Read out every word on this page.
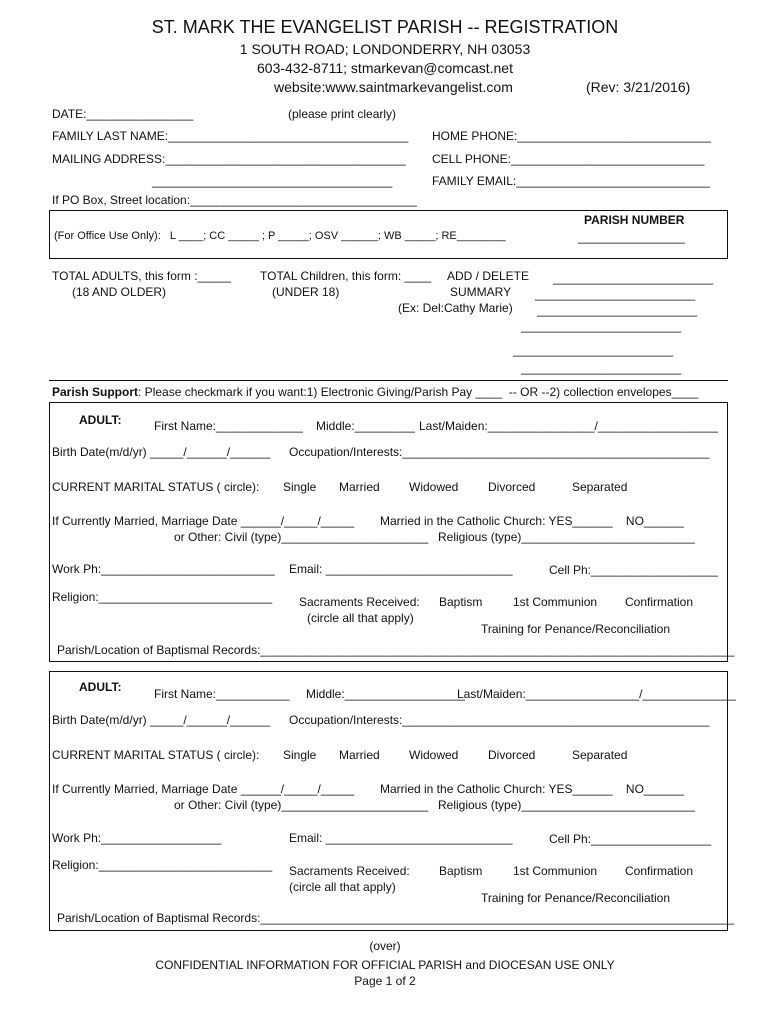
ST. MARK THE EVANGELIST PARISH -- REGISTRATION
1 SOUTH ROAD; LONDONDERRY, NH 03053
603-432-8711; stmarkevan@comcast.net
website:www.saintmarkevangelist.com	(Rev: 3/21/2016)
DATE:________________	(please print clearly)
FAMILY LAST NAME:____________________________________ HOME PHONE:_____________________________
MAILING ADDRESS:____________________________________ CELL PHONE:_____________________________
____________________________________	FAMILY EMAIL:_____________________________
If PO Box, Street location:__________________________________
(For Office Use Only):   L ____; CC _____ ; P _____; OSV ______; WB _____; RE________
PARISH NUMBER
________________
TOTAL ADULTS, this form :_____
(18 AND OLDER)
TOTAL Children, this form: ____
(UNDER 18)
ADD / DELETE
SUMMARY
(Ex: Del:Cathy Marie)
________________________
________________________
________________________
________________________
________________________
________________________
Parish Support: Please checkmark if you want:1) Electronic Giving/Parish Pay ____  -- OR --2) collection envelopes____
ADULT:	First Name:_____________ Middle:_________ Last/Maiden:________________/__________________
Birth Date(m/d/yr) _____/______/______ Occupation/Interests:______________________________________________
CURRENT MARITAL STATUS ( circle): Single Married Widowed Divorced	Separated
If Currently Married, Marriage Date ______/_____/_____ Married in the Catholic Church: YES______    NO______
or Other: Civil (type)______________________ Religious (type)__________________________
Work Ph:__________________________ Email: ____________________________	Cell Ph:___________________
Religion:__________________________ Sacraments Received: Baptism	1st Communion Confirmation
(circle all that apply)
Training for Penance/Reconciliation
Parish/Location of Baptismal Records:_______________________________________________________________________
ADULT:	First Name:___________ Middle:__________________
Last/Maiden:_________________/______________
Birth Date(m/d/yr) _____/______/______ Occupation/Interests:______________________________________________
CURRENT MARITAL STATUS ( circle): Single Married Widowed Divorced	Separated
If Currently Married, Marriage Date ______/_____/_____ Married in the Catholic Church: YES______    NO______
or Other: Civil (type)______________________ Religious (type)__________________________
Work Ph:__________________	Email: ____________________________	Cell Ph:__________________
Religion:__________________________ Sacraments Received: Baptism	1st Communion Confirmation
(circle all that apply)
Training for Penance/Reconciliation
Parish/Location of Baptismal Records:_______________________________________________________________________
(over)
CONFIDENTIAL INFORMATION FOR OFFICIAL PARISH and DIOCESAN USE ONLY
Page 1 of 2
